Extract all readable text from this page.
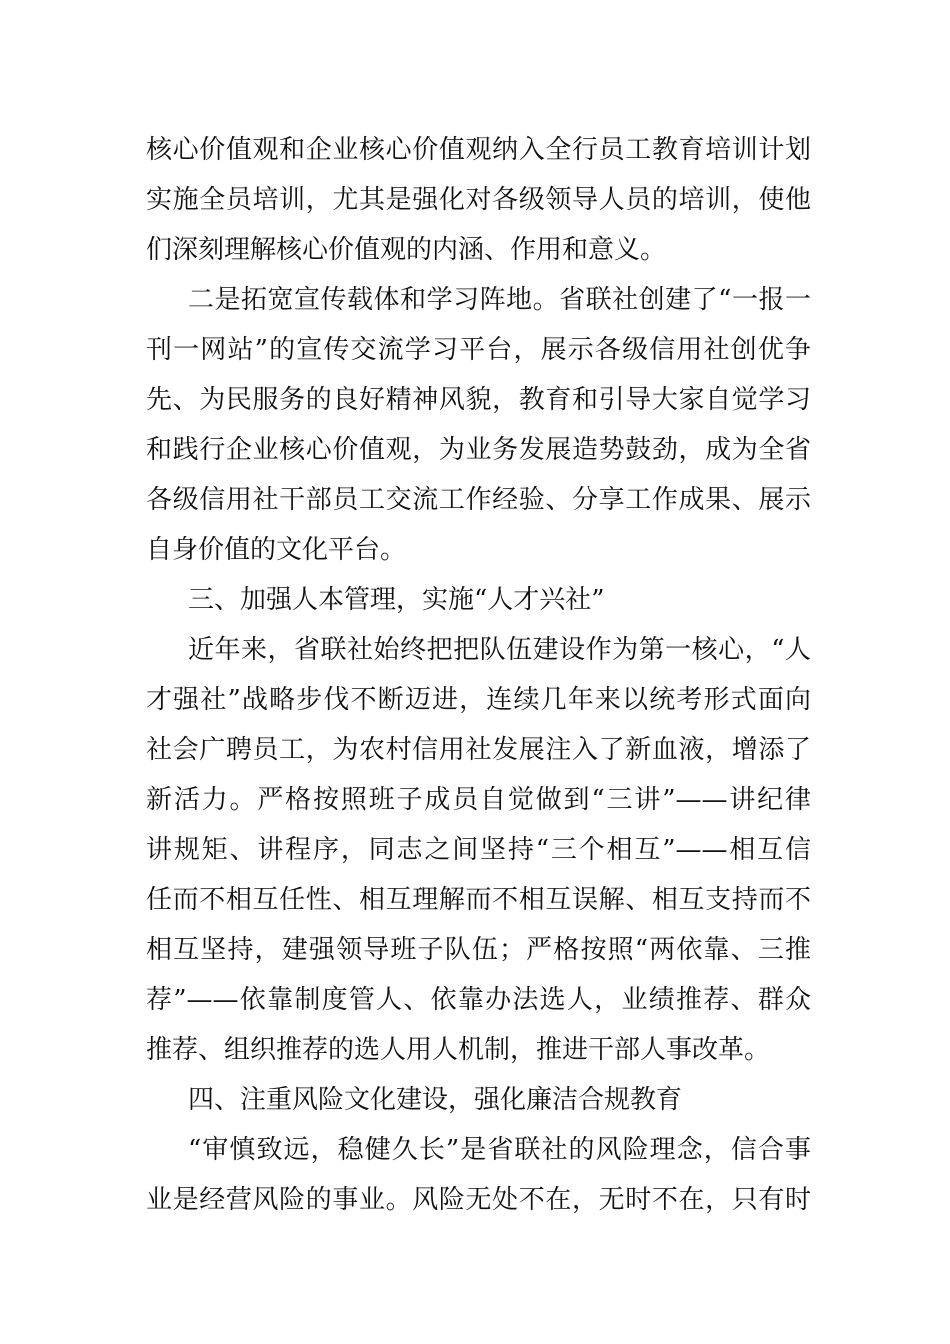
核心价值观和企业核心价值观纳入全行员工教育培训计划
实施全员培训，尤其是强化对各级领导人员的培训，使他
们深刻理解核心价值观的内涵、作用和意义。
二是拓宽宣传载体和学习阵地。省联社创建了“一报一
刊一网站”的宣传交流学习平台，展示各级信用社创优争
先、为民服务的良好精神风貌，教育和引导大家自觉学习
和践行企业核心价值观，为业务发展造势鼓劲，成为全省
各级信用社干部员工交流工作经验、分享工作成果、展示
自身价值的文化平台。
三、加强人本管理，实施“人才兴社”
近年来，省联社始终把把队伍建设作为第一核心，“人
才强社”战略步伐不断迈进，连续几年来以统考形式面向
社会广聘员工，为农村信用社发展注入了新血液，增添了
新活力。严格按照班子成员自觉做到“三讲”——讲纪律
讲规矩、讲程序，同志之间坚持“三个相互”——相互信
任而不相互任性、相互理解而不相互误解、相互支持而不
相互坚持，建强领导班子队伍；严格按照“两依靠、三推
荐”——依靠制度管人、依靠办法选人，业绩推荐、群众
推荐、组织推荐的选人用人机制，推进干部人事改革。
四、注重风险文化建设，强化廉洁合规教育
“审慎致远，稳健久长”是省联社的风险理念，信合事
业是经营风险的事业。风险无处不在，无时不在，只有时
